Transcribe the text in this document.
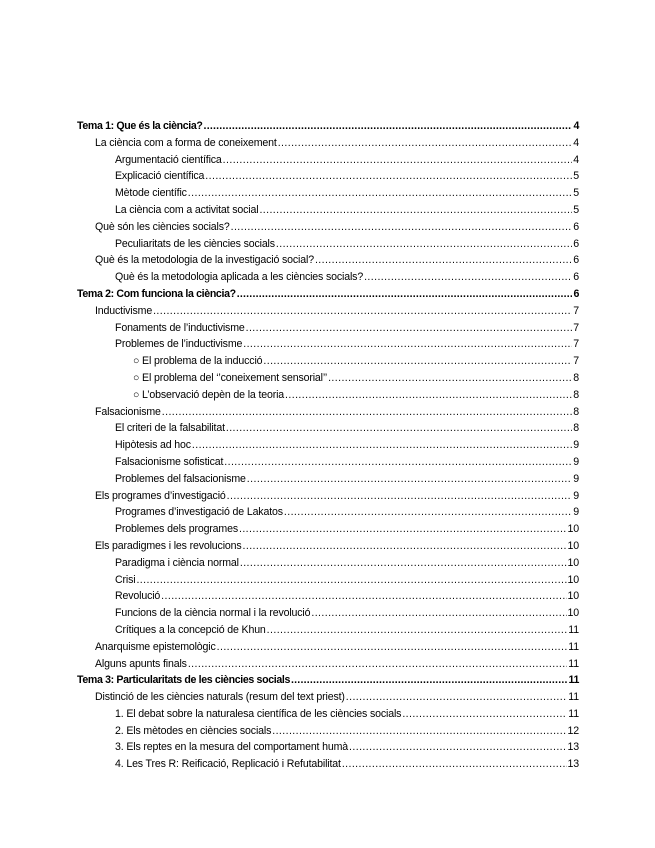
Tema 1: Que és la ciència? .....	4
La ciència com a forma de coneixement .....	4
Argumentació científica .....	4
Explicació científica .....	5
Mètode científic .....	5
La ciència com a activitat social .....	5
Què són les ciències socials? .....	6
Peculiaritats de les ciències socials .....	6
Què és la metodologia de la investigació social? .....	6
Què és la metodologia aplicada a les ciències socials? .....	6
Tema 2: Com funciona la ciència? .....	6
Inductivisme .....	7
Fonaments de l’inductivisme .....	7
Problemes de l’inductivisme .....	7
○ El problema de la inducció .....	7
○ El problema del ‘’coneixement sensorial’’ .....	8
○ L’observació depèn de la teoria .....	8
Falsacionisme .....	8
El criteri de la falsabilitat .....	8
Hipòtesis ad hoc .....	9
Falsacionisme sofisticat .....	9
Problemes del falsacionisme .....	9
Els programes d’investigació .....	9
Programes d’investigació de Lakatos .....	9
Problemes dels programes .....	10
Els paradigmes i les revolucions .....	10
Paradigma i ciència normal .....	10
Crisi .....	10
Revolució .....	10
Funcions de la ciència normal i la revolució .....	10
Crítiques a la concepció de Khun .....	11
Anarquisme epistemològic .....	11
Alguns apunts finals .....	11
Tema 3: Particularitats de les ciències socials .....	11
Distinció de les ciències naturals (resum del text priest) .....	11
1. El debat sobre la naturalesa científica de les ciències socials .....	11
2. Els mètodes en ciències socials .....	12
3. Els reptes en la mesura del comportament humà .....	13
4. Les Tres R: Reificació, Replicació i Refutabilitat .....	13
